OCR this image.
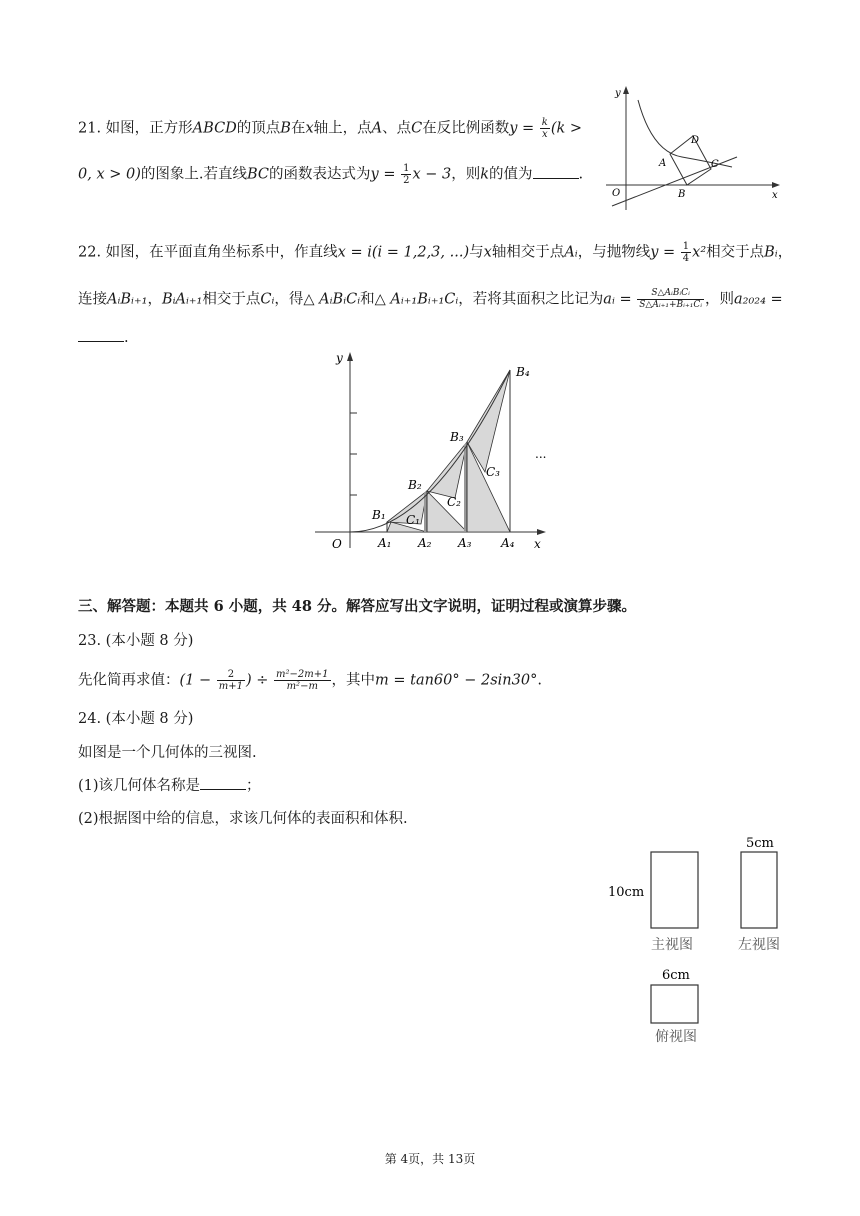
21. 如图，正方形ABCD的顶点B在x轴上，点A、点C在反比例函数$y = \frac{k}{x} (k$ >
0, x > 0)的图象上.若直线BC的函数表达式为$y = \frac{1}{2}$ x − 3，则k的值为	.
y
x
O
A
B
C
D
22. 如图，在平面直角坐标系中，作直线x = i(i = 1,2,3, ...)与x轴相交于点Aᵢ，与抛物线$y = \frac{1}{4} x^2$相交于点Bᵢ，
连接AᵢBᵢ₊₁，BᵢAᵢ₊₁相交于点Cᵢ，得△ AᵢBᵢCᵢ和△ Aᵢ₊₁Bᵢ₊₁Cᵢ，若将其面积之比记为aᵢ = $\frac{\text{S△AᵢBᵢCᵢ}}{\text{S△Aᵢ₊₁+Bᵢ₊₁Cᵢ}}$ ，则a₂₀₂₄ =
.
y
x
O
...
A₁ A₂ A₃ A₄
B₁
B₂
B₃
B₄
C₁
C₂
C₃
三、解答题：本题共 6 小题，共 48 分。解答应写出文字说明，证明过程或演算步骤。
23. (本小题 8 分)
先化简再求值：($1 - \frac{2}{m+1}$ ) ÷ $\frac{\text{m²−2m+1}}{\text{m²−m}}$ ，其中m = tan60° − 2sin30°.
24. (本小题 8 分)
如图是一个几何体的三视图.
(1)该几何体名称是	；
(2)根据图中给的信息，求该几何体的表面积和体积.
10cm
5cm
6cm
主视图	左视图
俯视图
第 4页，共 13页
